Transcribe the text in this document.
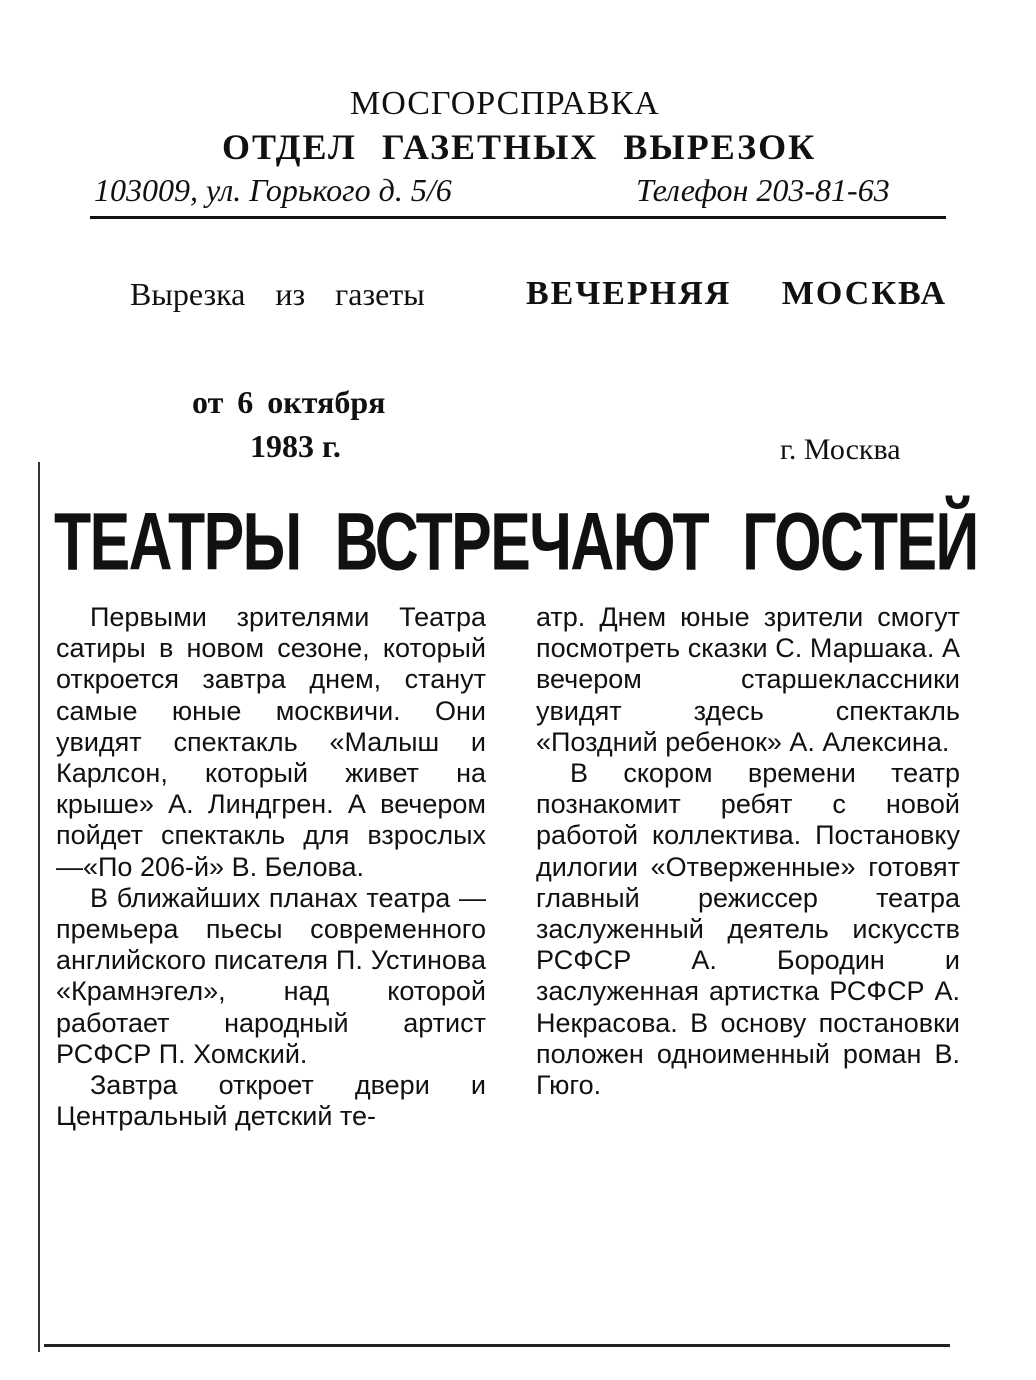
МОСГОРСПРАВКА
ОТДЕЛ ГАЗЕТНЫХ ВЫРЕЗОК
103009, ул. Горького д. 5/6	Телефон 203-81-63
Вырезка из газеты	ВЕЧЕРНЯЯ МОСКВА
от 6 октября
1983 г.	г. Москва
ТЕАТРЫ ВСТРЕЧАЮТ ГОСТЕЙ

Первыми зрителями Театра сатиры в новом сезоне, который откроется завтра днем, станут самые юные москвичи. Они увидят спектакль «Малыш и Карлсон, который живет на крыше» А. Линдгрен. А вечером пойдет спектакль для взрослых—«По 206-й» В. Белова.

В ближайших планах театра — премьера пьесы современного английского писателя П. Устинова «Крамнэгел», над которой работает народный артист РСФСР П. Хомский.

Завтра откроет двери и Центральный детский те-

атр. Днем юные зрители смогут посмотреть сказки С. Маршака. А вечером старшеклассники увидят здесь спектакль «Поздний ребенок» А. Алексина.

В скором времени театр познакомит ребят с новой работой коллектива. Постановку дилогии «Отверженные» готовят главный режиссер театра заслуженный деятель искусств РСФСР А. Бородин и заслуженная артистка РСФСР А. Некрасова. В основу постановки положен одноименный роман В. Гюго.
